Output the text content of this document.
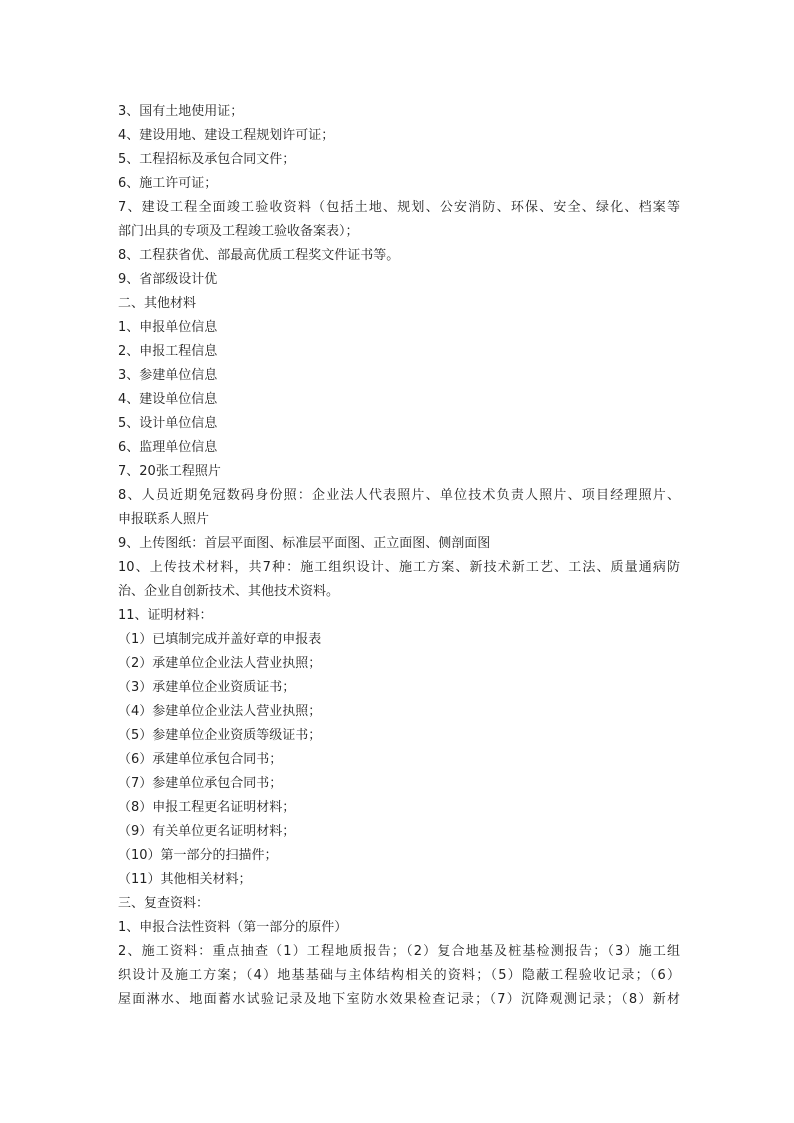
3、国有土地使用证；
4、建设用地、建设工程规划许可证；
5、工程招标及承包合同文件；
6、施工许可证；
7、建设工程全面竣工验收资料（包括土地、规划、公安消防、环保、安全、绿化、档案等
部门出具的专项及工程竣工验收备案表）；
8、工程获省优、部最高优质工程奖文件证书等。
9、省部级设计优
二、其他材料
1、申报单位信息
2、申报工程信息
3、参建单位信息
4、建设单位信息
5、设计单位信息
6、监理单位信息
7、20张工程照片
8、人员近期免冠数码身份照：企业法人代表照片、单位技术负责人照片、项目经理照片、
申报联系人照片
9、上传图纸：首层平面图、标准层平面图、正立面图、侧剖面图
10、上传技术材料，共7种：施工组织设计、施工方案、新技术新工艺、工法、质量通病防
治、企业自创新技术、其他技术资料。
11、证明材料：
（1）已填制完成并盖好章的申报表
（2）承建单位企业法人营业执照；
（3）承建单位企业资质证书；
（4）参建单位企业法人营业执照；
（5）参建单位企业资质等级证书；
（6）承建单位承包合同书；
（7）参建单位承包合同书；
（8）申报工程更名证明材料；
（9）有关单位更名证明材料；
（10）第一部分的扫描件；
（11）其他相关材料；
三、复查资料：
1、申报合法性资料（第一部分的原件）
2、施工资料：重点抽查（1）工程地质报告；（2）复合地基及桩基检测报告；（3）施工组
织设计及施工方案；（4）地基基础与主体结构相关的资料；（5）隐蔽工程验收记录；（6）
屋面淋水、地面蓄水试验记录及地下室防水效果检查记录；（7）沉降观测记录；（8）新材
